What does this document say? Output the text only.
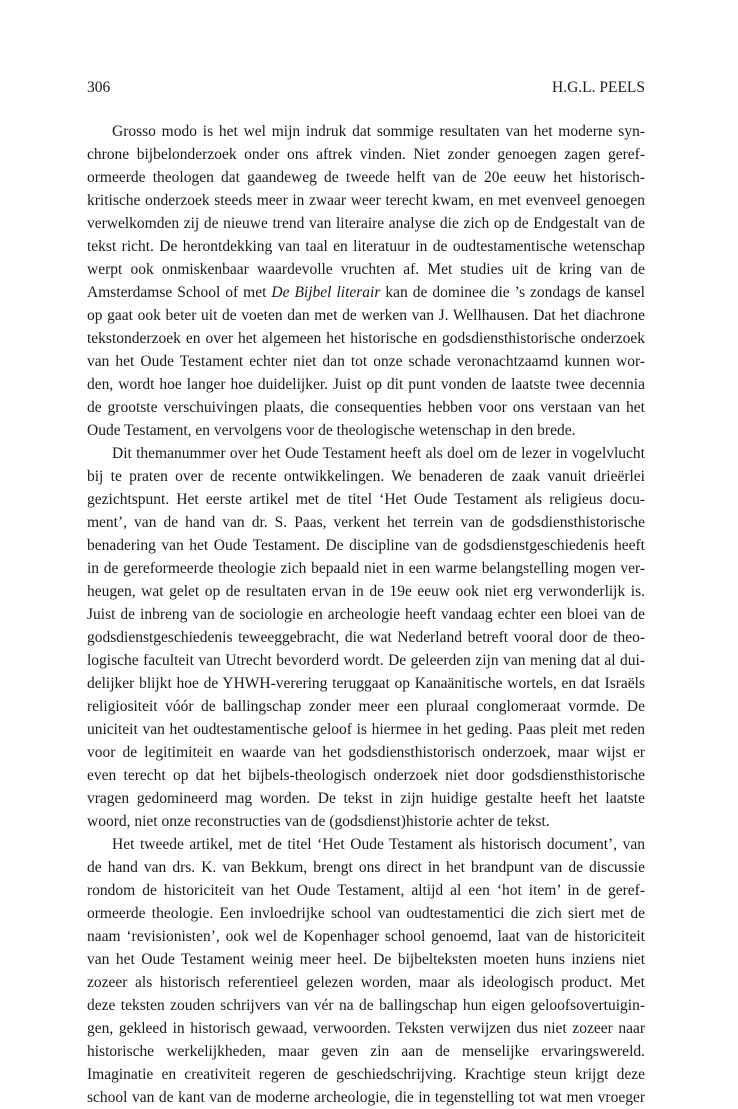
306	H.G.L. PEELS
Grosso modo is het wel mijn indruk dat sommige resultaten van het moderne syn-
chrone bijbelonderzoek onder ons aftrek vinden. Niet zonder genoegen zagen geref-
ormeerde theologen dat gaandeweg de tweede helft van de 20e eeuw het historisch-
kritische onderzoek steeds meer in zwaar weer terecht kwam, en met evenveel genoegen
verwelkomden zij de nieuwe trend van literaire analyse die zich op de Endgestalt van de
tekst richt. De herontdekking van taal en literatuur in de oudtestamentische wetenschap
werpt ook onmiskenbaar waardevolle vruchten af. Met studies uit de kring van de
Amsterdamse School of met De Bijbel literair kan de dominee die ’s zondags de kansel
op gaat ook beter uit de voeten dan met de werken van J. Wellhausen. Dat het diachrone
tekstonderzoek en over het algemeen het historische en godsdiensthistorische onderzoek
van het Oude Testament echter niet dan tot onze schade veronachtzaamd kunnen wor-
den, wordt hoe langer hoe duidelijker. Juist op dit punt vonden de laatste twee decennia
de grootste verschuivingen plaats, die consequenties hebben voor ons verstaan van het
Oude Testament, en vervolgens voor de theologische wetenschap in den brede.
Dit themanummer over het Oude Testament heeft als doel om de lezer in vogelvlucht
bij te praten over de recente ontwikkelingen. We benaderen de zaak vanuit drieërlei
gezichtspunt. Het eerste artikel met de titel ‘Het Oude Testament als religieus docu-
ment’, van de hand van dr. S. Paas, verkent het terrein van de godsdiensthistorische
benadering van het Oude Testament. De discipline van de godsdienstgeschiedenis heeft
in de gereformeerde theologie zich bepaald niet in een warme belangstelling mogen ver-
heugen, wat gelet op de resultaten ervan in de 19e eeuw ook niet erg verwonderlijk is.
Juist de inbreng van de sociologie en archeologie heeft vandaag echter een bloei van de
godsdienstgeschiedenis teweeggebracht, die wat Nederland betreft vooral door de theo-
logische faculteit van Utrecht bevorderd wordt. De geleerden zijn van mening dat al dui-
delijker blijkt hoe de YHWH-verering teruggaat op Kanaänitische wortels, en dat Israëls
religiositeit vóór de ballingschap zonder meer een pluraal conglomeraat vormde. De
uniciteit van het oudtestamentische geloof is hiermee in het geding. Paas pleit met reden
voor de legitimiteit en waarde van het godsdiensthistorisch onderzoek, maar wijst er
even terecht op dat het bijbels-theologisch onderzoek niet door godsdiensthistorische
vragen gedomineerd mag worden. De tekst in zijn huidige gestalte heeft het laatste
woord, niet onze reconstructies van de (godsdienst)historie achter de tekst.
Het tweede artikel, met de titel ‘Het Oude Testament als historisch document’, van
de hand van drs. K. van Bekkum, brengt ons direct in het brandpunt van de discussie
rondom de historiciteit van het Oude Testament, altijd al een ‘hot item’ in de geref-
ormeerde theologie. Een invloedrijke school van oudtestamentici die zich siert met de
naam ‘revisionisten’, ook wel de Kopenhager school genoemd, laat van de historiciteit
van het Oude Testament weinig meer heel. De bijbelteksten moeten huns inziens niet
zozeer als historisch referentieel gelezen worden, maar als ideologisch product. Met
deze teksten zouden schrijvers van vér na de ballingschap hun eigen geloofsovertuigin-
gen, gekleed in historisch gewaad, verwoorden. Teksten verwijzen dus niet zozeer naar
historische werkelijkheden, maar geven zin aan de menselijke ervaringswereld.
Imaginatie en creativiteit regeren de geschiedschrijving. Krachtige steun krijgt deze
school van de kant van de moderne archeologie, die in tegenstelling tot wat men vroeger
